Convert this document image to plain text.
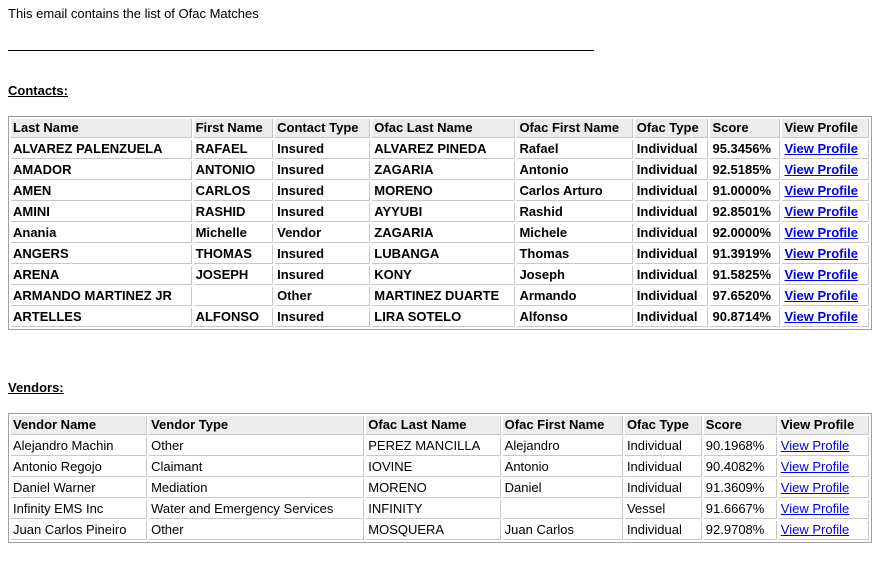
This email contains the list of Ofac Matches
Contacts:
Last Name	First Name	Contact Type	Ofac Last Name	Ofac First Name	Ofac Type	Score	View Profile
ALVAREZ PALENZUELA	RAFAEL	Insured	ALVAREZ PINEDA	Rafael	Individual	95.3456%	View Profile
AMADOR	ANTONIO	Insured	ZAGARIA	Antonio	Individual	92.5185%	View Profile
AMEN	CARLOS	Insured	MORENO	Carlos Arturo	Individual	91.0000%	View Profile
AMINI	RASHID	Insured	AYYUBI	Rashid	Individual	92.8501%	View Profile
Anania	Michelle	Vendor	ZAGARIA	Michele	Individual	92.0000%	View Profile
ANGERS	THOMAS	Insured	LUBANGA	Thomas	Individual	91.3919%	View Profile
ARENA	JOSEPH	Insured	KONY	Joseph	Individual	91.5825%	View Profile
ARMANDO MARTINEZ JR		Other	MARTINEZ DUARTE	Armando	Individual	97.6520%	View Profile
ARTELLES	ALFONSO	Insured	LIRA SOTELO	Alfonso	Individual	90.8714%	View Profile
Vendors:
Vendor Name	Vendor Type	Ofac Last Name	Ofac First Name	Ofac Type	Score	View Profile
Alejandro Machin	Other	PEREZ MANCILLA	Alejandro	Individual	90.1968%	View Profile
Antonio Regojo	Claimant	IOVINE	Antonio	Individual	90.4082%	View Profile
Daniel Warner	Mediation	MORENO	Daniel	Individual	91.3609%	View Profile
Infinity EMS Inc	Water and Emergency Services	INFINITY		Vessel	91.6667%	View Profile
Juan Carlos Pineiro	Other	MOSQUERA	Juan Carlos	Individual	92.9708%	View Profile
